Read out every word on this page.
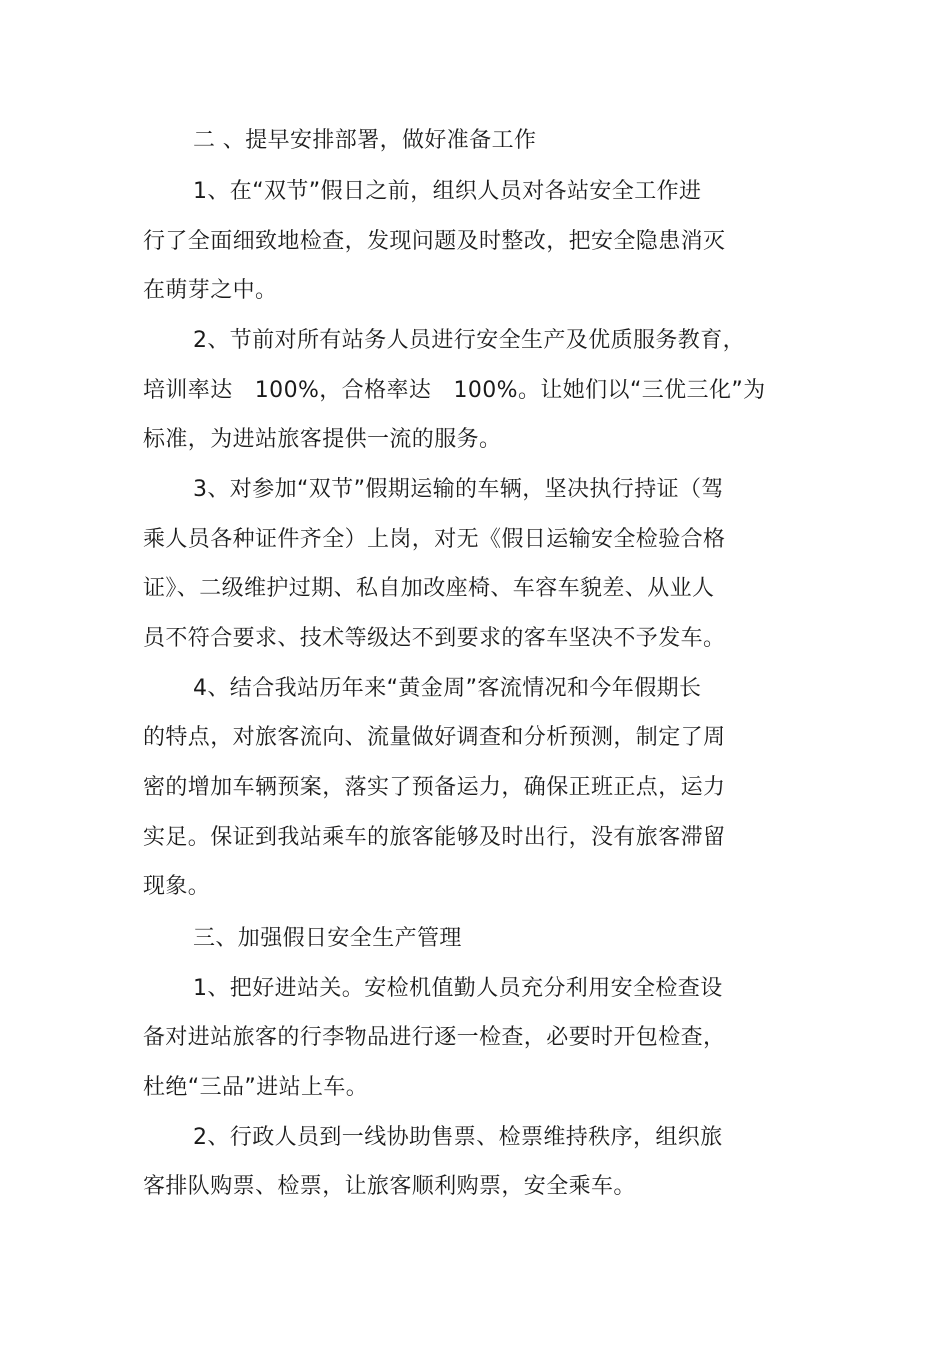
二 、提早安排部署，做好准备工作
1、在“双节”假日之前，组织人员对各站安全工作进
行了全面细致地检查，发现问题及时整改，把安全隐患消灭
在萌芽之中。
2、节前对所有站务人员进行安全生产及优质服务教育，
培训率达   100%，合格率达   100%。让她们以“三优三化”为
标准，为进站旅客提供一流的服务。
3、对参加“双节”假期运输的车辆，坚决执行持证（驾
乘人员各种证件齐全）上岗，对无《假日运输安全检验合格
证》、二级维护过期、私自加改座椅、车容车貌差、从业人
员不符合要求、技术等级达不到要求的客车坚决不予发车。
4、结合我站历年来“黄金周”客流情况和今年假期长
的特点，对旅客流向、流量做好调查和分析预测，制定了周
密的增加车辆预案，落实了预备运力，确保正班正点，运力
实足。保证到我站乘车的旅客能够及时出行，没有旅客滞留
现象。
三、加强假日安全生产管理
1、把好进站关。安检机值勤人员充分利用安全检查设
备对进站旅客的行李物品进行逐一检查，必要时开包检查，
杜绝“三品”进站上车。
2、行政人员到一线协助售票、检票维持秩序，组织旅
客排队购票、检票，让旅客顺利购票，安全乘车。
